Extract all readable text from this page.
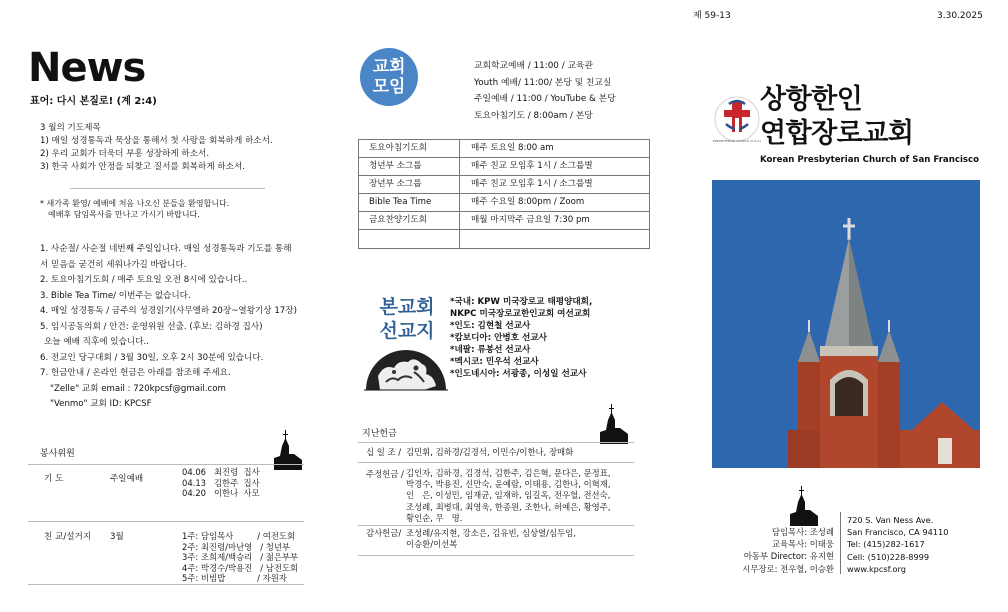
제 59-13	3.30.2025
News
표어: 다시 본질로! (계 2:4)
3 월의 기도제목
1) 매일 성경통독과 묵상을 통해서 첫 사랑을 회복하게 하소서.
2) 우리 교회가 더욱더 부흥 성장하게 하소서.
3) 한국 사회가 안정을 되찾고 질서를 회복하게 하소서.
* 새가족 환영/ 예배에 처음 나오신 분들을 환영합니다.
예배후 담임목사를 만나고 가시기 바랍니다.
1. 사순절/ 사순절 네번째 주일입니다. 매일 성경통독과 기도를 통해
서 믿음을 굳건히 세워나가길 바랍니다.
2. 토요아침기도회 / 매주 토요일 오전 8시에 있습니다..
3. Bible Tea Time/ 이번주는 없습니다.
4. 매일 성경통독 / 금주의 성경읽기(사무엘하 20장~열왕기상 17장)
5. 임시공동의회 / 안건: 운영위원 선출. (후보: 김하경 집사)
오늘 예배 직후에 있습니다..
6. 전교인 당구대회 / 3월 30일, 오후 2시 30분에 있습니다.
7. 헌금안내 / 온라인 헌금은 아래를 참조해 주세요.
"Zelle" 교회 email : 720kpcsf@gmail.com
"Venmo" 교회 ID: KPCSF
봉사위원
기 도	주일예배
04.06   최진령  집사
04.13   김한주  집사
04.20   이한나  사모
친 교/설거지 3월	1주: 담임목사         / 여전도회
2주: 최진령/마난영   / 청년부
3주: 조희제/백승리   / 젊은부부
4주: 박경수/박용진   / 남전도회
5주: 비빔밥            / 자원자
교회
모임
교회학교예배 / 11:00 / 교육관
Youth 예배/ 11:00/ 본당 및 친교실
주일예배 / 11:00 / YouTube & 본당
토요아침기도 / 8:00am / 본당
토요아침기도회	매주 토요일 8:00 am
청년부 소그룹	매주 친교 모임후 1시 / 소그룹별
장년부 소그룹	매주 친교 모임후 1시 / 소그룹별
Bible Tea Time	매주 수요일 8:00pm / Zoom
금요찬양기도회	매월 마지막주 금요일 7:30 pm
본교회
선교지
*국내: KPW 미국장로교 태평양대회,
NKPC 미국장로교한인교회 여선교회
*인도: 김현철 선교사
*캄보디아: 안병호 선교사
*네팔: 류봉선 선교사
*멕시코: 민우석 선교사
*인도네시아: 서광종, 이성일 선교사
지난헌금
십 일 조 / 김민휘, 김하경/김경석, 이민수/이한나, 장매화
주정헌금 / 김인자, 김하경, 김경석, 김한주, 김은혁, 문다은, 문정표,
박경수, 박용진, 신만숙, 윤예람, 이태용, 김한나, 이혁재,
인   은, 이성민, 임재균, 임재하, 임길옥, 전우혈, 전선숙,
조성례, 최병대, 최영욱, 한종원, 조한나, 허예은, 황영주,
황인순, 무   명.
감사헌금/ 조성례/유지현, 강소은, 김유빈, 심상열/심두임,
이승환/이선복
PRESBYTERIAN CHURCH (U.S.A.)
상항한인
연합장로교회
Korean Presbyterian Church of San Francisco
담임목사: 조성례
교육목사: 이태웅
아동부 Director: 유지현
시무장로: 전우혈, 이승환
720 S. Van Ness Ave.
San Francisco, CA 94110
Tel: (415)282-1617
Cell: (510)228-8999
www.kpcsf.org
